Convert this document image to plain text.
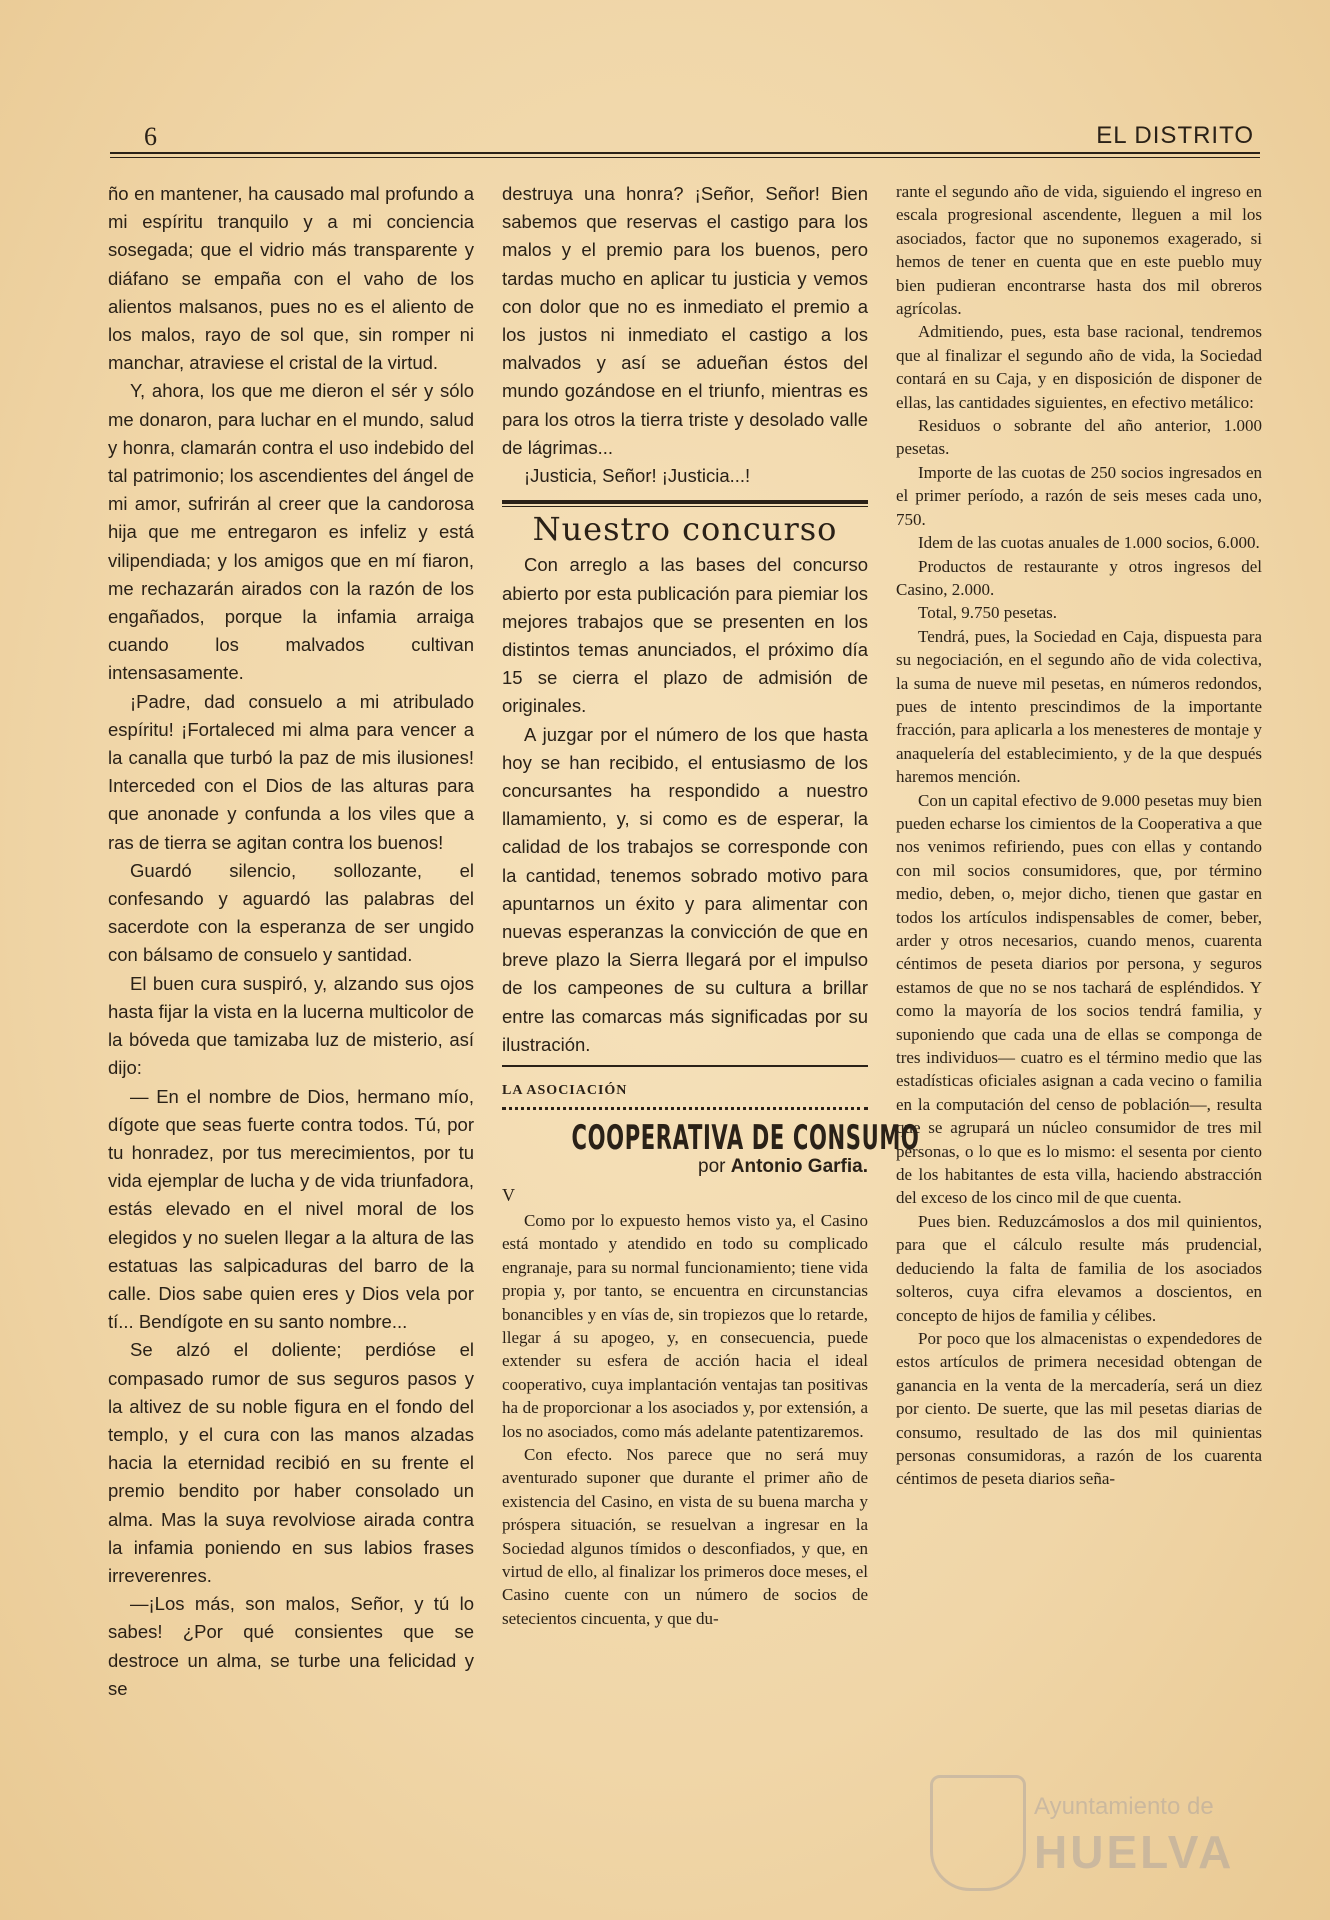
6	EL DISTRITO

ño en mantener, ha causado mal profundo a mi espíritu tranquilo y a mi conciencia sosegada; que el vidrio más transparente y diáfano se empaña con el vaho de los alientos malsanos, pues no es el aliento de los malos, rayo de sol que, sin romper ni manchar, atraviese el cristal de la virtud.

Y, ahora, los que me dieron el sér y sólo me donaron, para luchar en el mundo, salud y honra, clamarán contra el uso indebido del tal patrimonio; los ascendientes del ángel de mi amor, sufrirán al creer que la candorosa hija que me entregaron es infeliz y está vilipendiada; y los amigos que en mí fiaron, me rechazarán airados con la razón de los engañados, porque la infamia arraiga cuando los malvados cultivan intensasamente.

¡Padre, dad consuelo a mi atribulado espíritu! ¡Fortaleced mi alma para vencer a la canalla que turbó la paz de mis ilusiones! Interceded con el Dios de las alturas para que anonade y confunda a los viles que a ras de tierra se agitan contra los buenos!

Guardó silencio, sollozante, el confesando y aguardó las palabras del sacerdote con la esperanza de ser ungido con bálsamo de consuelo y santidad.

El buen cura suspiró, y, alzando sus ojos hasta fijar la vista en la lucerna multicolor de la bóveda que tamizaba luz de misterio, así dijo:

— En el nombre de Dios, hermano mío, dígote que seas fuerte contra todos. Tú, por tu honradez, por tus merecimientos, por tu vida ejemplar de lucha y de vida triunfadora, estás elevado en el nivel moral de los elegidos y no suelen llegar a la altura de las estatuas las salpicaduras del barro de la calle. Dios sabe quien eres y Dios vela por tí... Bendígote en su santo nombre...

Se alzó el doliente; perdióse el compasado rumor de sus seguros pasos y la altivez de su noble figura en el fondo del templo, y el cura con las manos alzadas hacia la eternidad recibió en su frente el premio bendito por haber consolado un alma. Mas la suya revolviose airada contra la infamia poniendo en sus labios frases irreverenres.

—¡Los más, son malos, Señor, y tú lo sabes! ¿Por qué consientes que se destroce un alma, se turbe una felicidad y se

destruya una honra? ¡Señor, Señor! Bien sabemos que reservas el castigo para los malos y el premio para los buenos, pero tardas mucho en aplicar tu justicia y vemos con dolor que no es inmediato el premio a los justos ni inmediato el castigo a los malvados y así se adueñan éstos del mundo gozándose en el triunfo, mientras es para los otros la tierra triste y desolado valle de lágrimas...

¡Justicia, Señor! ¡Justicia...!

Nuestro concurso

Con arreglo a las bases del concurso abierto por esta publicación para piemiar los mejores trabajos que se presenten en los distintos temas anunciados, el próximo día 15 se cierra el plazo de admisión de originales.

A juzgar por el número de los que hasta hoy se han recibido, el entusiasmo de los concursantes ha respondido a nuestro llamamiento, y, si como es de esperar, la calidad de los trabajos se corresponde con la cantidad, tenemos sobrado motivo para apuntarnos un éxito y para alimentar con nuevas esperanzas la convicción de que en breve plazo la Sierra llegará por el impulso de los campeones de su cultura a brillar entre las comarcas más significadas por su ilustración.

LA ASOCIACIÓN

COOPERATIVA DE CONSUMO

por Antonio Garfia.

V

Como por lo expuesto hemos visto ya, el Casino está montado y atendido en todo su complicado engranaje, para su normal funcionamiento; tiene vida propia y, por tanto, se encuentra en circunstancias bonancibles y en vías de, sin tropiezos que lo retarde, llegar á su apogeo, y, en consecuencia, puede extender su esfera de acción hacia el ideal cooperativo, cuya implantación ventajas tan positivas ha de proporcionar a los asociados y, por extensión, a los no asociados, como más adelante patentizaremos.

Con efecto. Nos parece que no será muy aventurado suponer que durante el primer año de existencia del Casino, en vista de su buena marcha y próspera situación, se resuelvan a ingresar en la Sociedad algunos tímidos o desconfiados, y que, en virtud de ello, al finalizar los primeros doce meses, el Casino cuente con un número de socios de setecientos cincuenta, y que du-

rante el segundo año de vida, siguiendo el ingreso en escala progresional ascendente, lleguen a mil los asociados, factor que no suponemos exagerado, si hemos de tener en cuenta que en este pueblo muy bien pudieran encontrarse hasta dos mil obreros agrícolas.

Admitiendo, pues, esta base racional, tendremos que al finalizar el segundo año de vida, la Sociedad contará en su Caja, y en disposición de disponer de ellas, las cantidades siguientes, en efectivo metálico:

Residuos o sobrante del año anterior, 1.000 pesetas.

Importe de las cuotas de 250 socios ingresados en el primer período, a razón de seis meses cada uno, 750.

Idem de las cuotas anuales de 1.000 socios, 6.000.

Productos de restaurante y otros ingresos del Casino, 2.000.

Total, 9.750 pesetas.

Tendrá, pues, la Sociedad en Caja, dispuesta para su negociación, en el segundo año de vida colectiva, la suma de nueve mil pesetas, en números redondos, pues de intento prescindimos de la importante fracción, para aplicarla a los menesteres de montaje y anaquelería del establecimiento, y de la que después haremos mención.

Con un capital efectivo de 9.000 pesetas muy bien pueden echarse los cimientos de la Cooperativa a que nos venimos refiriendo, pues con ellas y contando con mil socios consumidores, que, por término medio, deben, o, mejor dicho, tienen que gastar en todos los artículos indispensables de comer, beber, arder y otros necesarios, cuando menos, cuarenta céntimos de peseta diarios por persona, y seguros estamos de que no se nos tachará de espléndidos. Y como la mayoría de los socios tendrá familia, y suponiendo que cada una de ellas se componga de tres individuos— cuatro es el término medio que las estadísticas oficiales asignan a cada vecino o familia en la computación del censo de población—, resulta que se agrupará un núcleo consumidor de tres mil personas, o lo que es lo mismo: el sesenta por ciento de los habitantes de esta villa, haciendo abstracción del exceso de los cinco mil de que cuenta.

Pues bien. Reduzcámoslos a dos mil quinientos, para que el cálculo resulte más prudencial, deduciendo la falta de familia de los asociados solteros, cuya cifra elevamos a doscientos, en concepto de hijos de familia y célibes.

Por poco que los almacenistas o expendedores de estos artículos de primera necesidad obtengan de ganancia en la venta de la mercadería, será un diez por ciento. De suerte, que las mil pesetas diarias de consumo, resultado de las dos mil quinientas personas consumidoras, a razón de los cuarenta céntimos de peseta diarios seña-

Ayuntamiento de
HUELVA
